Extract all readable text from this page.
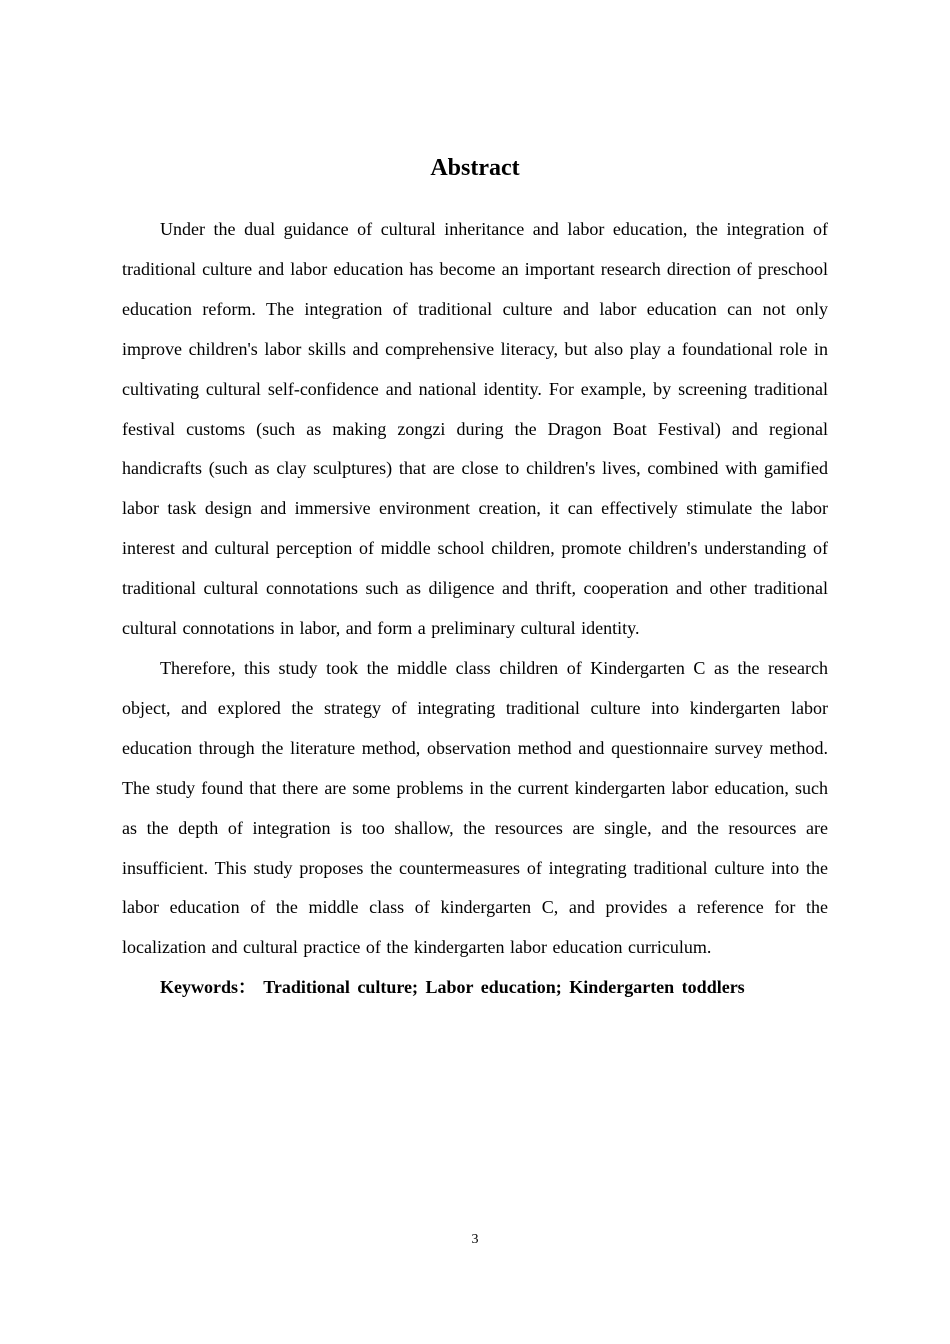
Abstract

Under the dual guidance of cultural inheritance and labor education, the integration of traditional culture and labor education has become an important research direction of preschool education reform. The integration of traditional culture and labor education can not only improve children's labor skills and comprehensive literacy, but also play a foundational role in cultivating cultural self-confidence and national identity. For example, by screening traditional festival customs (such as making zongzi during the Dragon Boat Festival) and regional handicrafts (such as clay sculptures) that are close to children's lives, combined with gamified labor task design and immersive environment creation, it can effectively stimulate the labor interest and cultural perception of middle school children, promote children's understanding of traditional cultural connotations such as diligence and thrift, cooperation and other traditional cultural connotations in labor, and form a preliminary cultural identity.

Therefore, this study took the middle class children of Kindergarten C as the research object, and explored the strategy of integrating traditional culture into kindergarten labor education through the literature method, observation method and questionnaire survey method. The study found that there are some problems in the current kindergarten labor education, such as the depth of integration is too shallow, the resources are single, and the resources are insufficient. This study proposes the countermeasures of integrating traditional culture into the labor education of the middle class of kindergarten C, and provides a reference for the localization and cultural practice of the kindergarten labor education curriculum.

Keywords： Traditional culture; Labor education; Kindergarten toddlers

3
